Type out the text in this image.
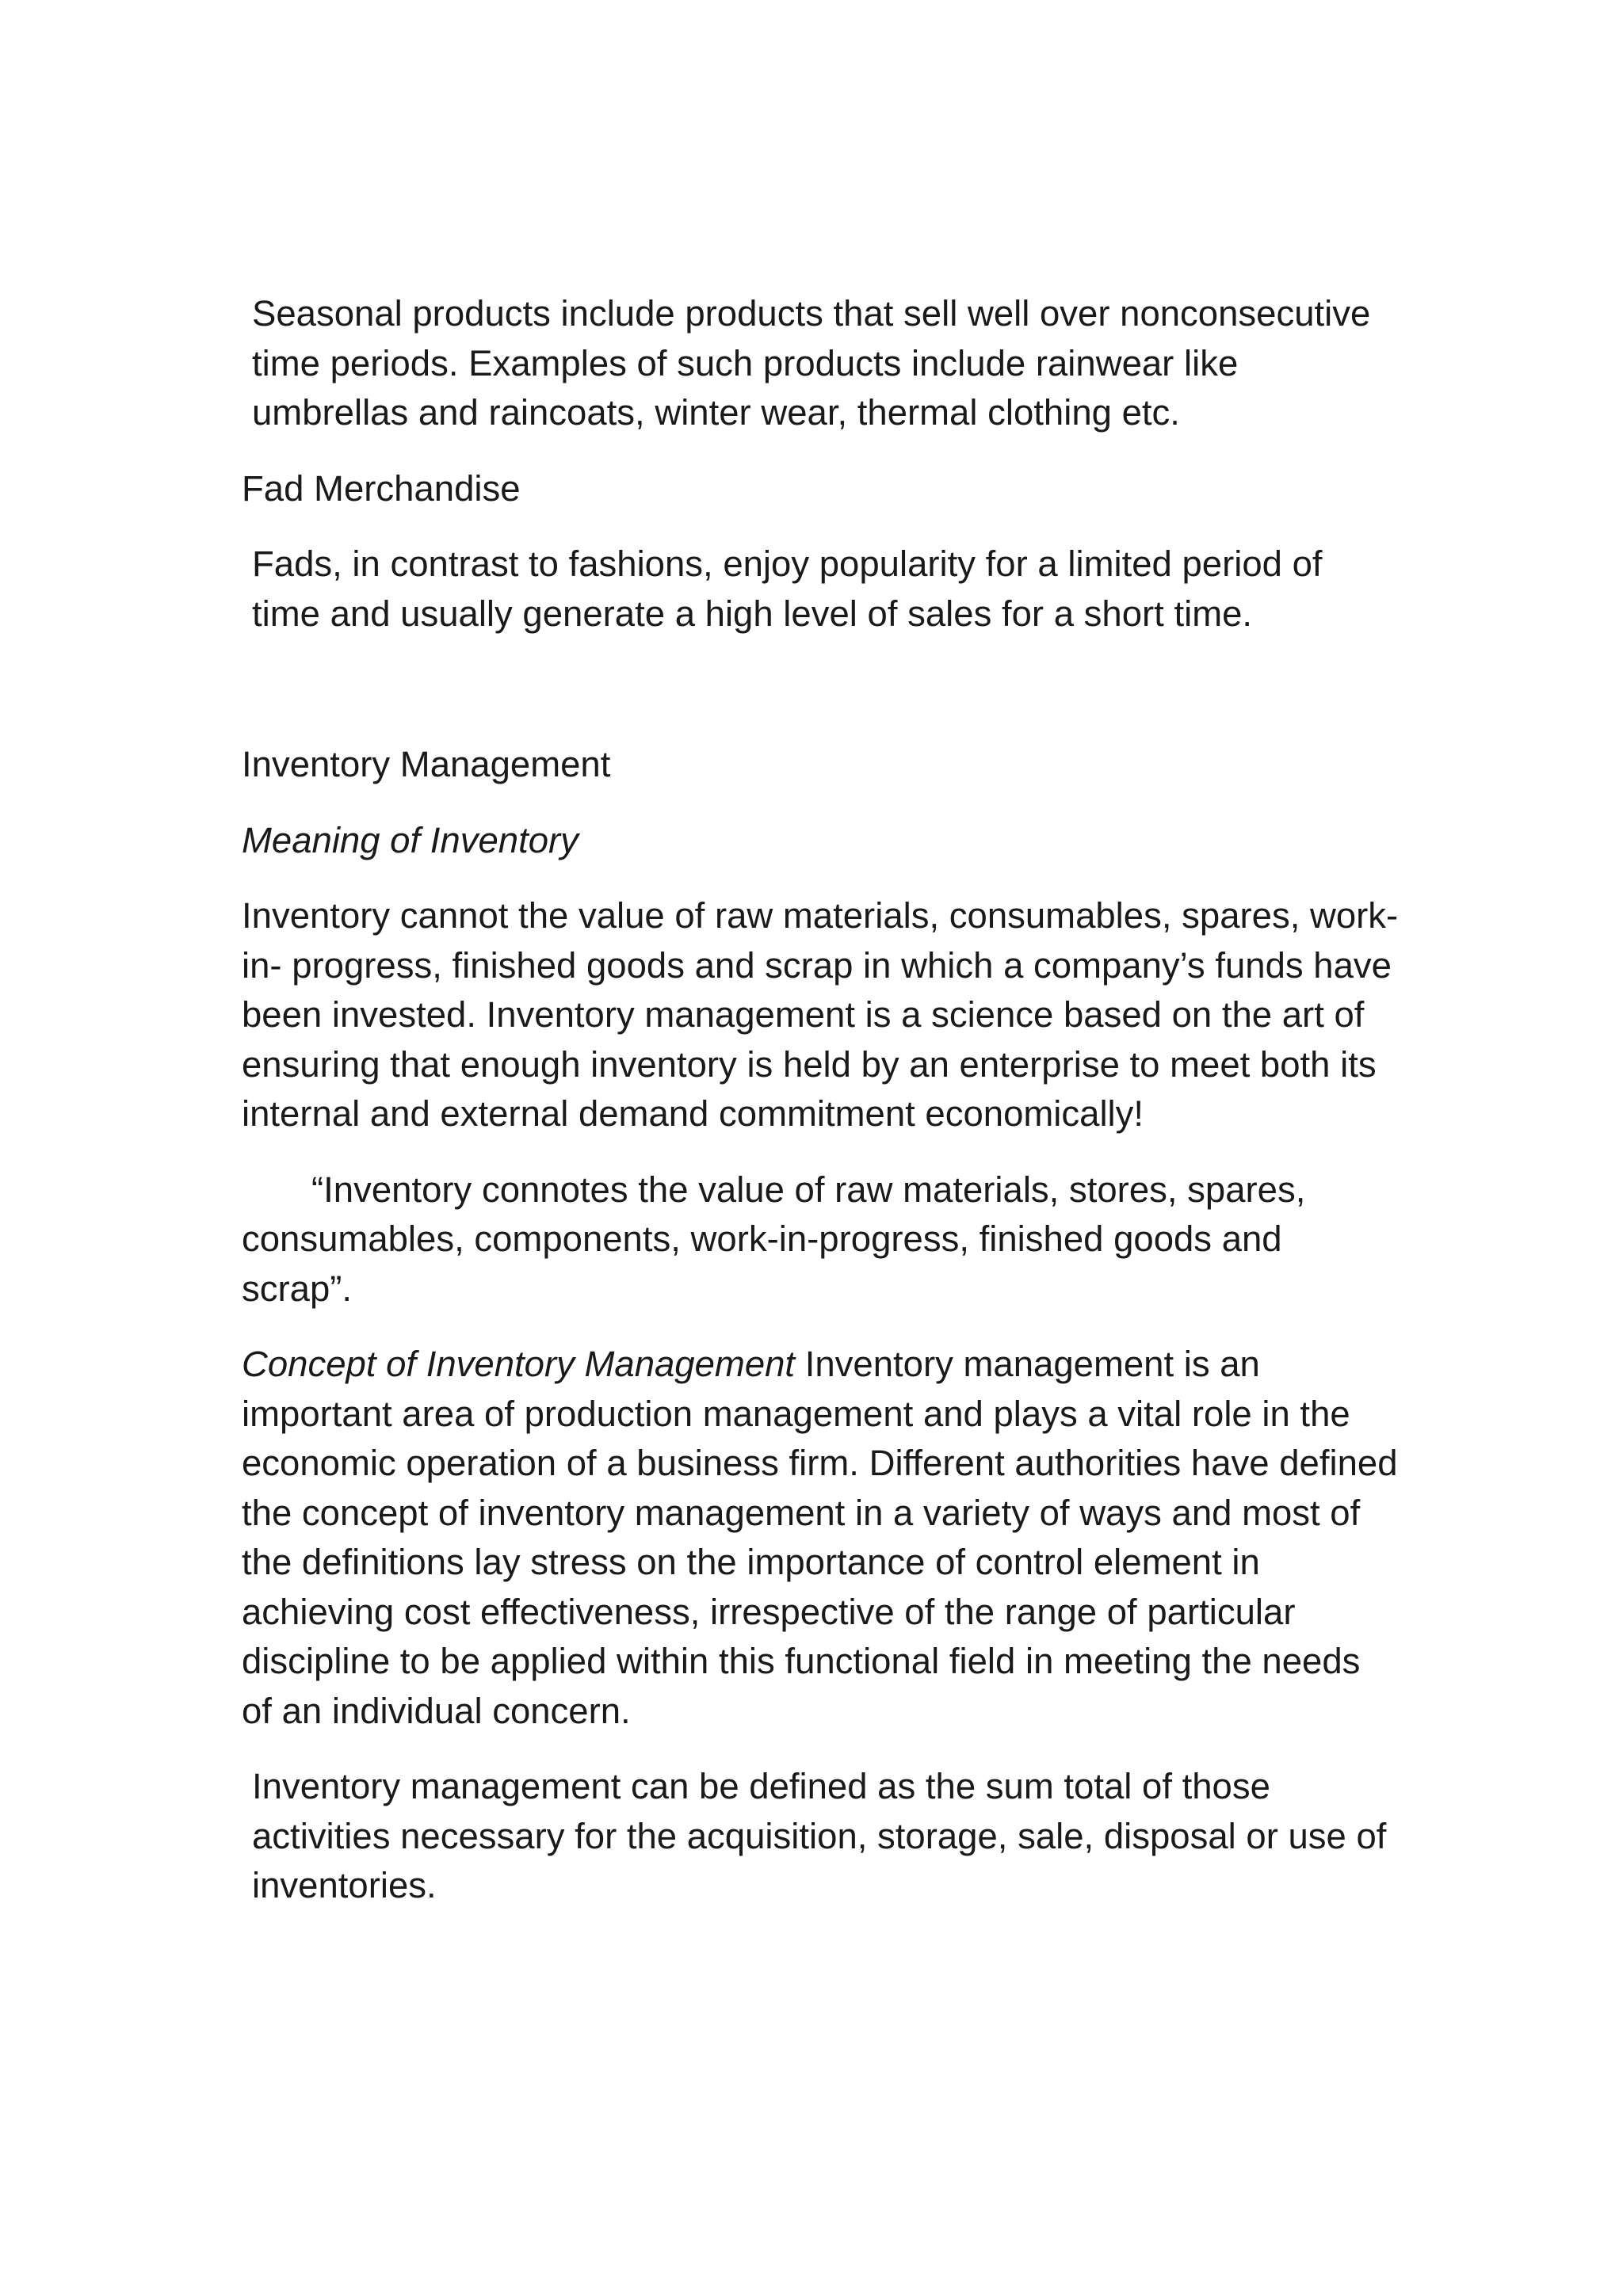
Seasonal products include products that sell well over nonconsecutive time periods. Examples of such products include rainwear like umbrellas and raincoats, winter wear, thermal clothing etc.

Fad Merchandise

Fads, in contrast to fashions, enjoy popularity for a limited period of time and usually generate a high level of sales for a short time.

Inventory Management

Meaning of Inventory

Inventory cannot the value of raw materials, consumables, spares, work-in- progress, finished goods and scrap in which a company’s funds have been invested. Inventory management is a science based on the art of ensuring that enough inventory is held by an enterprise to meet both its internal and external demand commitment economically!

“Inventory connotes the value of raw materials, stores, spares, consumables, components, work-in-progress, finished goods and scrap”.

Concept of Inventory Management Inventory management is an important area of production management and plays a vital role in the economic operation of a business firm. Different authorities have defined the concept of inventory management in a variety of ways and most of the definitions lay stress on the importance of control element in achieving cost effectiveness, irrespective of the range of particular discipline to be applied within this functional field in meeting the needs of an individual concern.

Inventory management can be defined as the sum total of those activities necessary for the acquisition, storage, sale, disposal or use of inventories.
